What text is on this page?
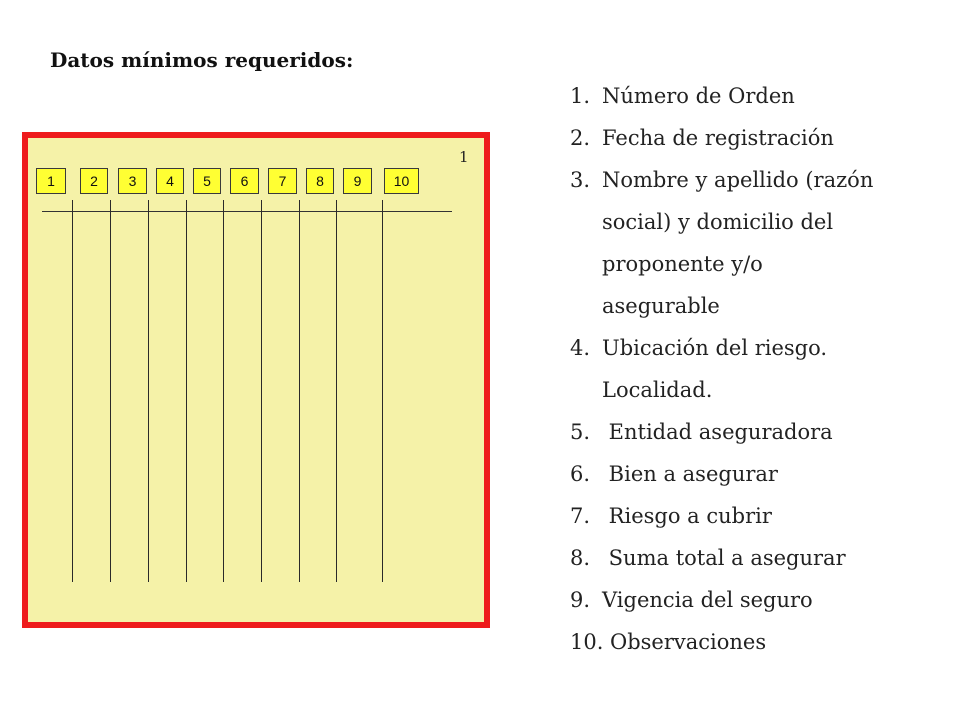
Datos mínimos requeridos:
1
1	2	3	4	5	6	7	8	9	10
1. Número de Orden
2. Fecha de registración
3. Nombre y apellido (razón
social) y domicilio del
proponente y/o
asegurable
4. Ubicación del riesgo.
Localidad.
5. Entidad aseguradora
6. Bien a asegurar
7. Riesgo a cubrir
8. Suma total a asegurar
9. Vigencia del seguro
10. Observaciones
